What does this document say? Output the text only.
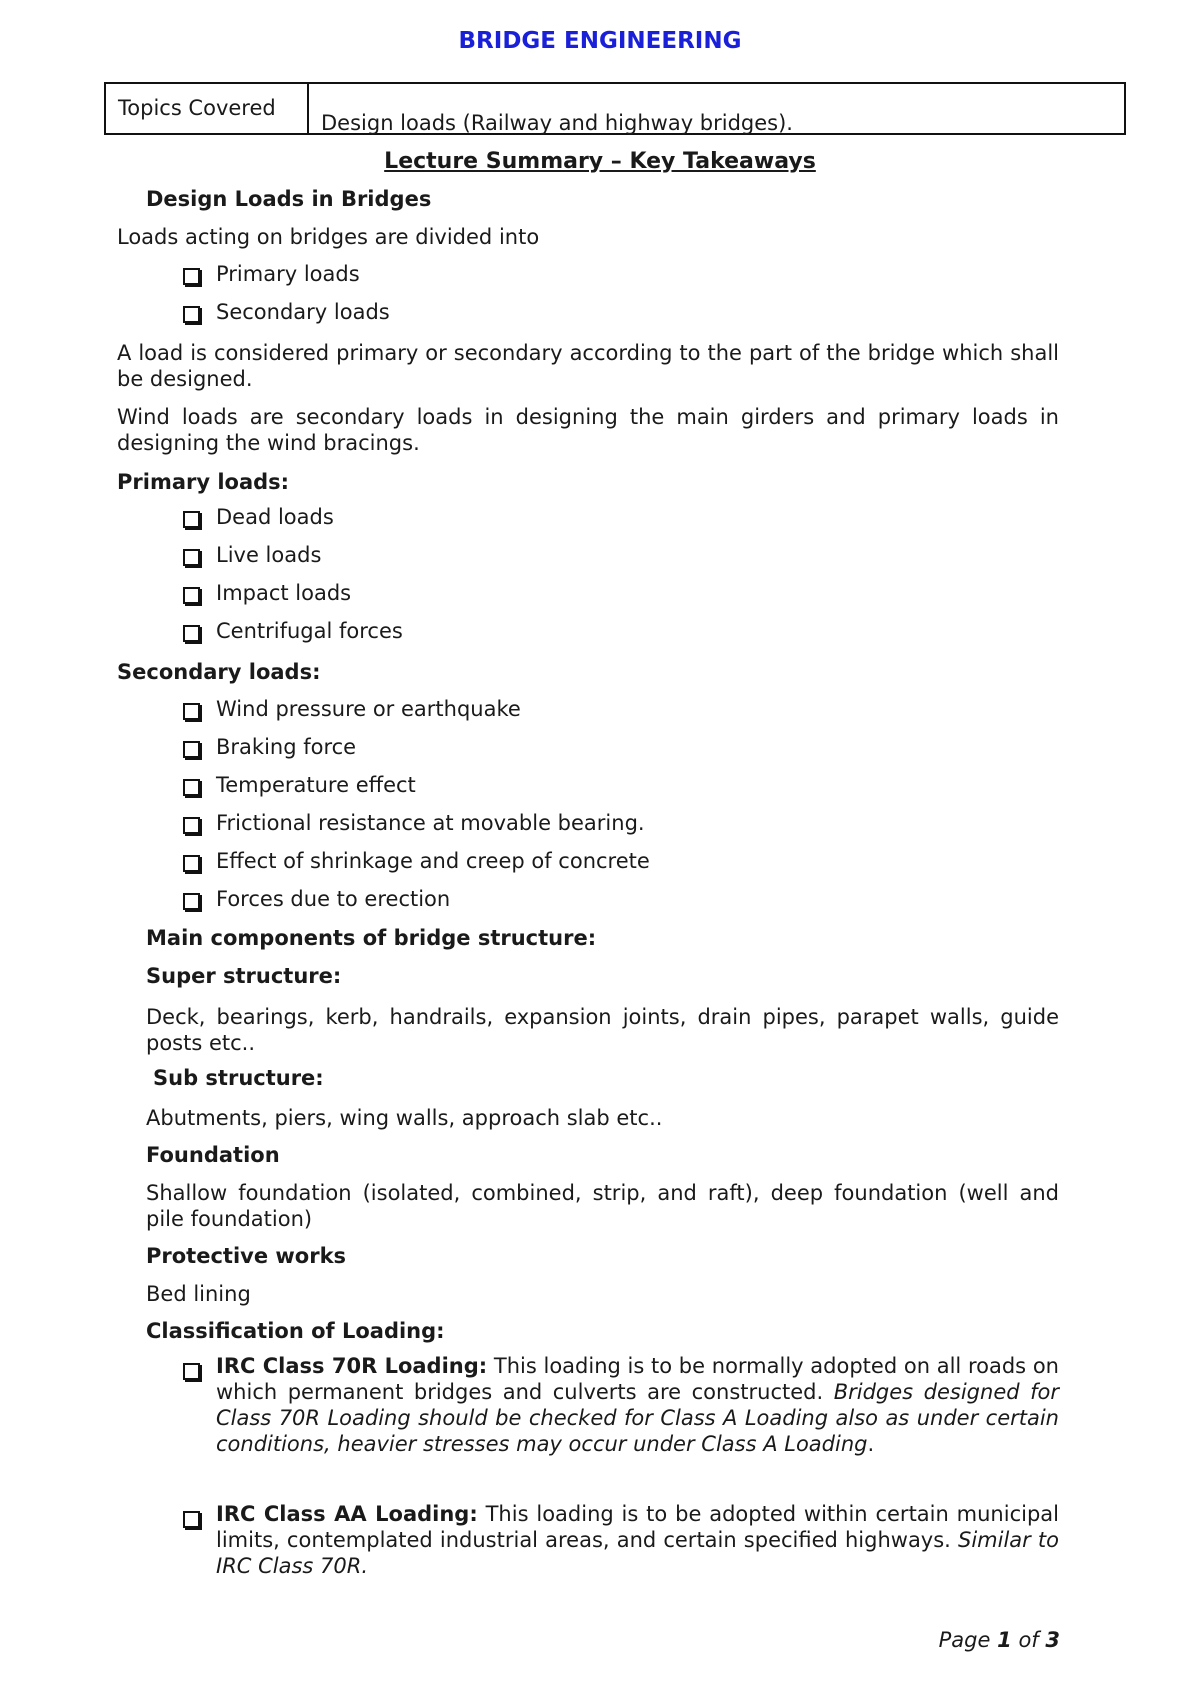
BRIDGE ENGINEERING
Topics Covered
Design loads (Railway and highway bridges).
Lecture Summary – Key Takeaways
Design Loads in Bridges
Loads acting on bridges are divided into
Primary loads
Secondary loads
A load is considered primary or secondary according to the part of the bridge which shall be designed.
Wind loads are secondary loads in designing the main girders and primary loads in designing the wind bracings.
Primary loads:
Dead loads
Live loads
Impact loads
Centrifugal forces
Secondary loads:
Wind pressure or earthquake
Braking force
Temperature effect
Frictional resistance at movable bearing.
Effect of shrinkage and creep of concrete
Forces due to erection
Main components of bridge structure:
Super structure:
Deck, bearings, kerb, handrails, expansion joints, drain pipes, parapet walls, guide posts etc..
Sub structure:
Abutments, piers, wing walls, approach slab etc..
Foundation
Shallow foundation (isolated, combined, strip, and raft), deep foundation (well and pile foundation)
Protective works
Bed lining
Classification of Loading:
IRC Class 70R Loading: This loading is to be normally adopted on all roads on which permanent bridges and culverts are constructed. Bridges designed for Class 70R Loading should be checked for Class A Loading also as under certain conditions, heavier stresses may occur under Class A Loading.
IRC Class AA Loading: This loading is to be adopted within certain municipal limits, contemplated industrial areas, and certain specified highways. Similar to IRC Class 70R.
Page 1 of 3
